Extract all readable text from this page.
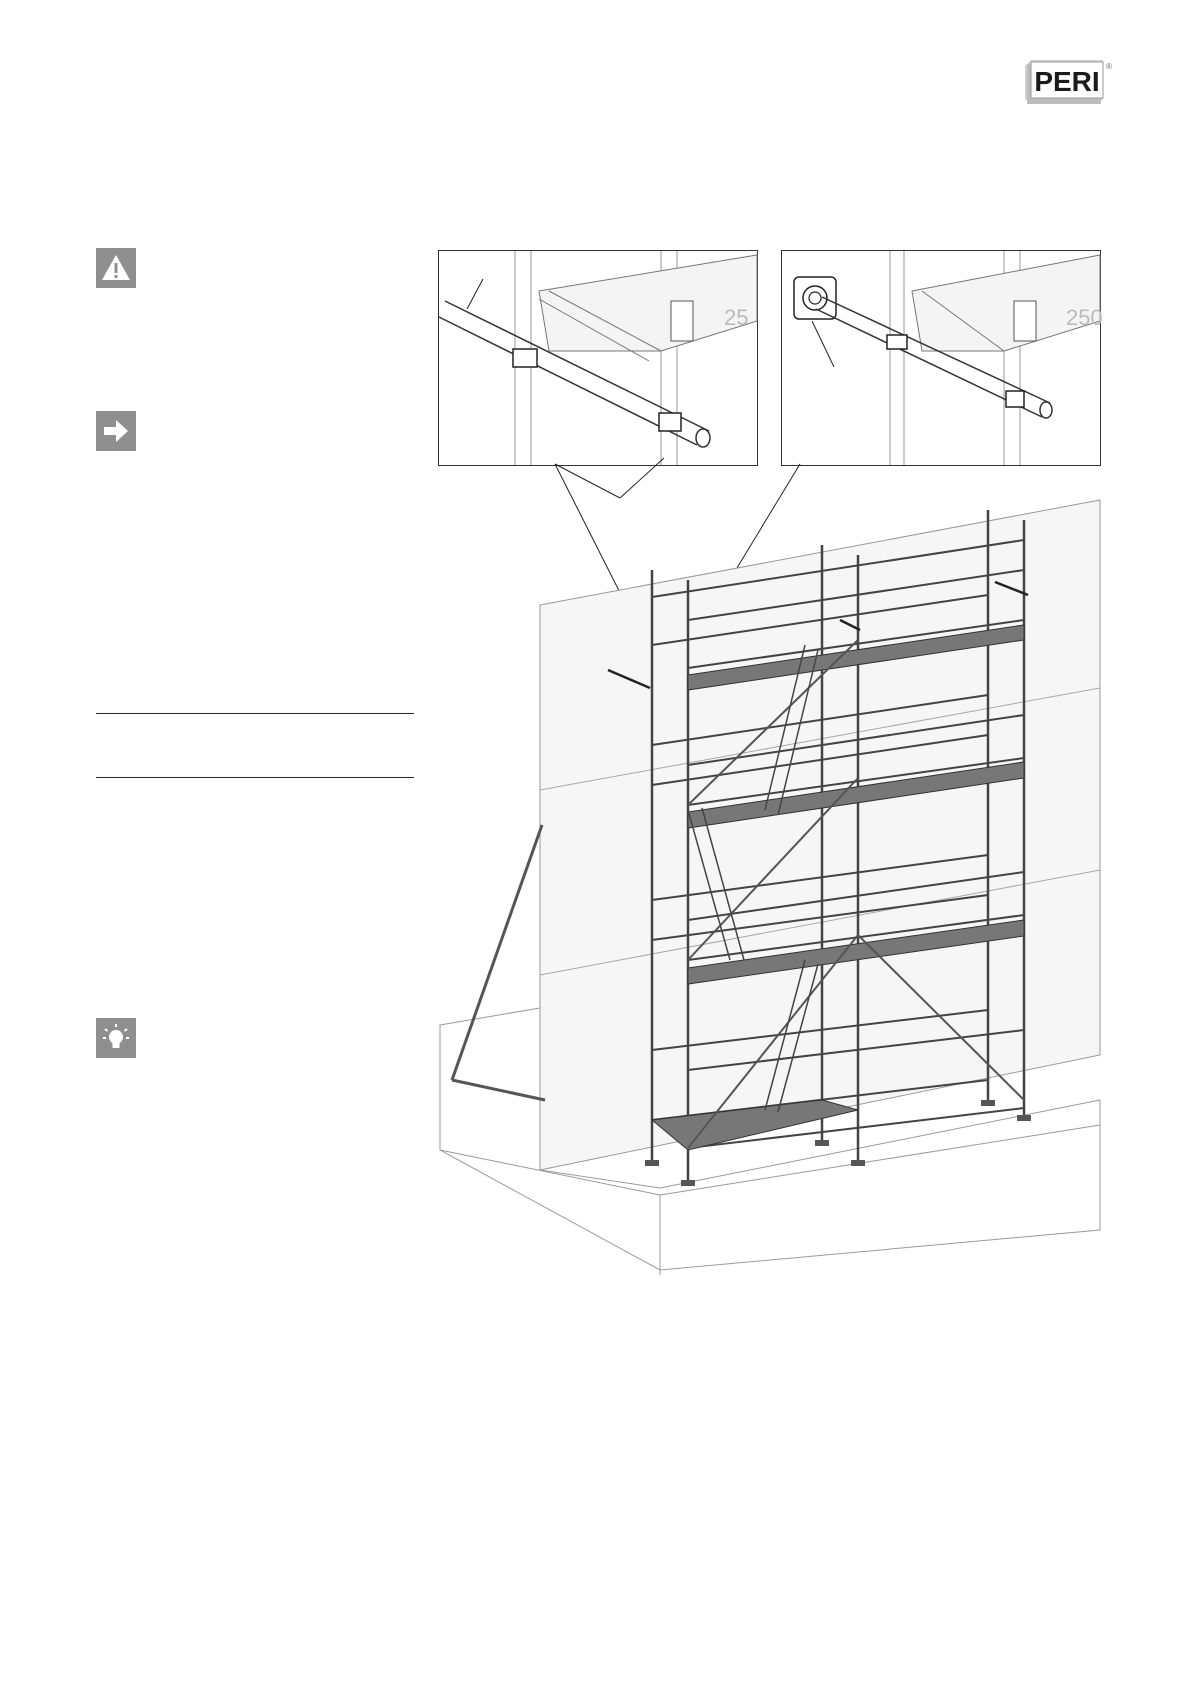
PERI ®
25	250
